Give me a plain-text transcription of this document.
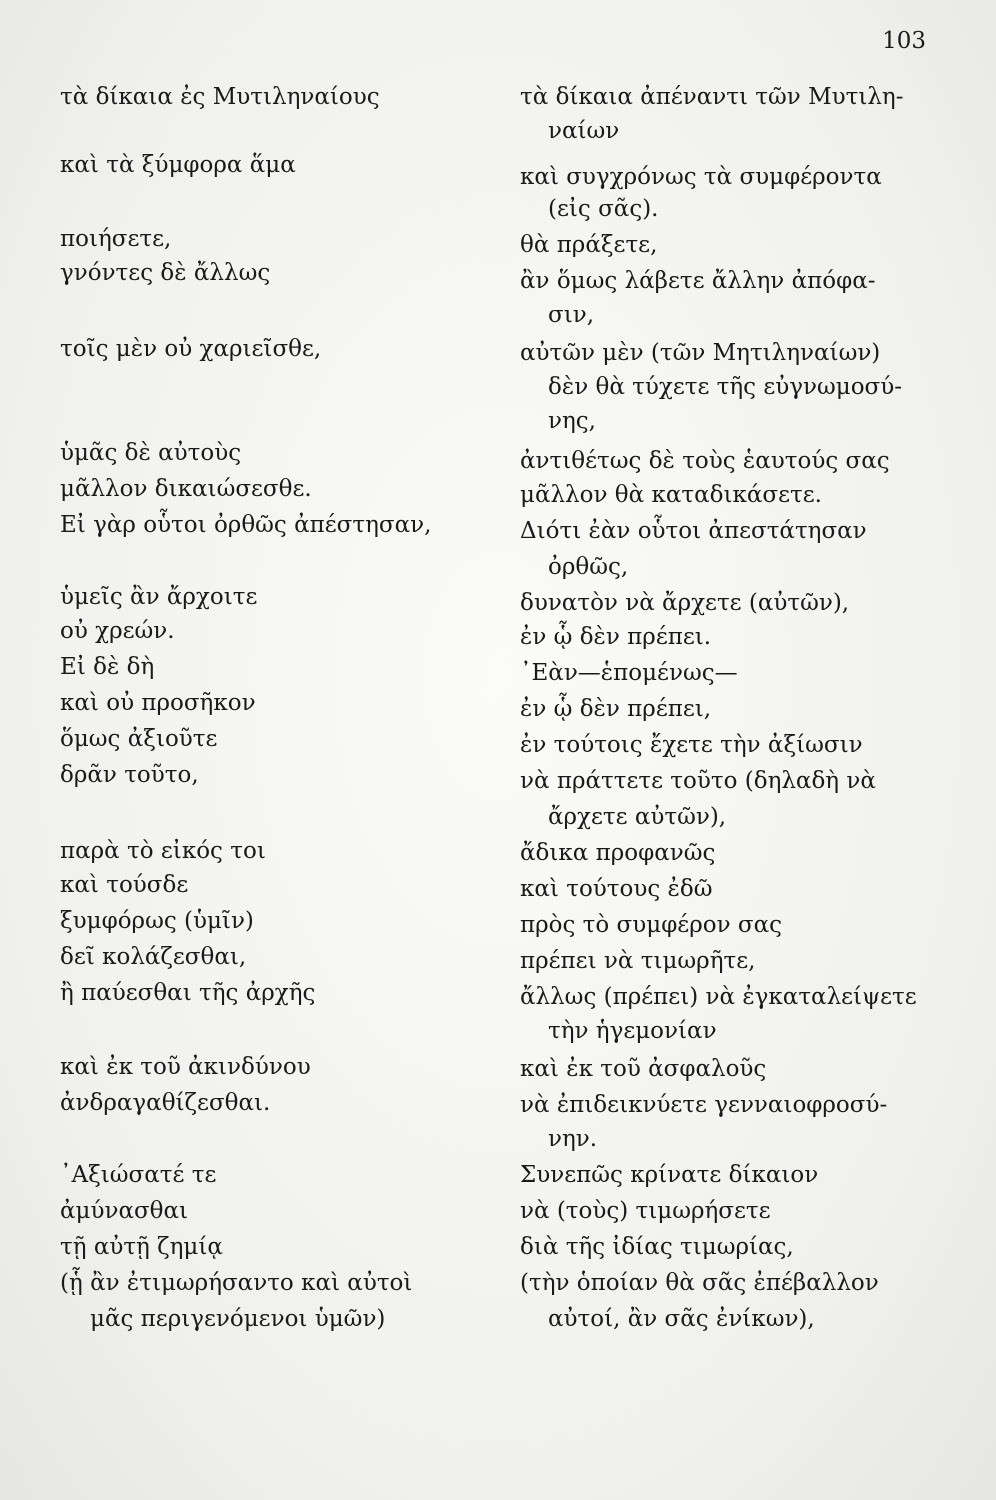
103
τὰ δίκαια ἐς Μυτιληναίους
καὶ τὰ ξύμφορα ἅμα
ποιήσετε,
γνόντες δὲ ἄλλως
τοῖς μὲν οὐ χαριεῖσθε,
ὑμᾶς δὲ αὐτοὺς
μᾶλλον δικαιώσεσθε.
Εἰ γὰρ οὗτοι ὀρθῶς ἀπέστησαν,
ὑμεῖς ἂν ἄρχοιτε
οὐ χρεών.
Εἰ δὲ δὴ
καὶ οὐ προσῆκον
ὅμως ἀξιοῦτε
δρᾶν τοῦτο,
παρὰ τὸ εἰκός τοι
καὶ τούσδε
ξυμφόρως (ὑμῖν)
δεῖ κολάζεσθαι,
ἢ παύεσθαι τῆς ἀρχῆς
καὶ ἐκ τοῦ ἀκινδύνου
ἀνδραγαθίζεσθαι.
᾿Αξιώσατέ τε
ἀμύνασθαι
τῇ αὐτῇ ζημίᾳ
(ᾗ ἂν ἐτιμωρήσαντο καὶ αὐτοὶ
μᾶς περιγενόμενοι ὑμῶν)
τὰ δίκαια ἀπέναντι τῶν Μυτιλη-
ναίων
καὶ συγχρόνως τὰ συμφέροντα
(εἰς σᾶς).
θὰ πράξετε,
ἂν ὅμως λάβετε ἄλλην ἀπόφα-
σιν,
αὐτῶν μὲν (τῶν Μητιληναίων)
δὲν θὰ τύχετε τῆς εὐγνωμοσύ-
νης,
ἀντιθέτως δὲ τοὺς ἑαυτούς σας
μᾶλλον θὰ καταδικάσετε.
Διότι ἐὰν οὗτοι ἀπεστάτησαν
ὀρθῶς,
δυνατὸν νὰ ἄρχετε (αὐτῶν),
ἐν ᾧ δὲν πρέπει.
᾿Εὰν—ἑπομένως—
ἐν ᾧ δὲν πρέπει,
ἐν τούτοις ἔχετε τὴν ἀξίωσιν
νὰ πράττετε τοῦτο (δηλαδὴ νὰ
ἄρχετε αὐτῶν),
ἄδικα προφανῶς
καὶ τούτους ἐδῶ
πρὸς τὸ συμφέρον σας
πρέπει νὰ τιμωρῆτε,
ἄλλως (πρέπει) νὰ ἐγκαταλείψετε
τὴν ἡγεμονίαν
καὶ ἐκ τοῦ ἀσφαλοῦς
νὰ ἐπιδεικνύετε γενναιοφροσύ-
νην.
Συνεπῶς κρίνατε δίκαιον
νὰ (τοὺς) τιμωρήσετε
διὰ τῆς ἰδίας τιμωρίας,
(τὴν ὁποίαν θὰ σᾶς ἐπέβαλλον
αὐτοί, ἂν σᾶς ἐνίκων),
